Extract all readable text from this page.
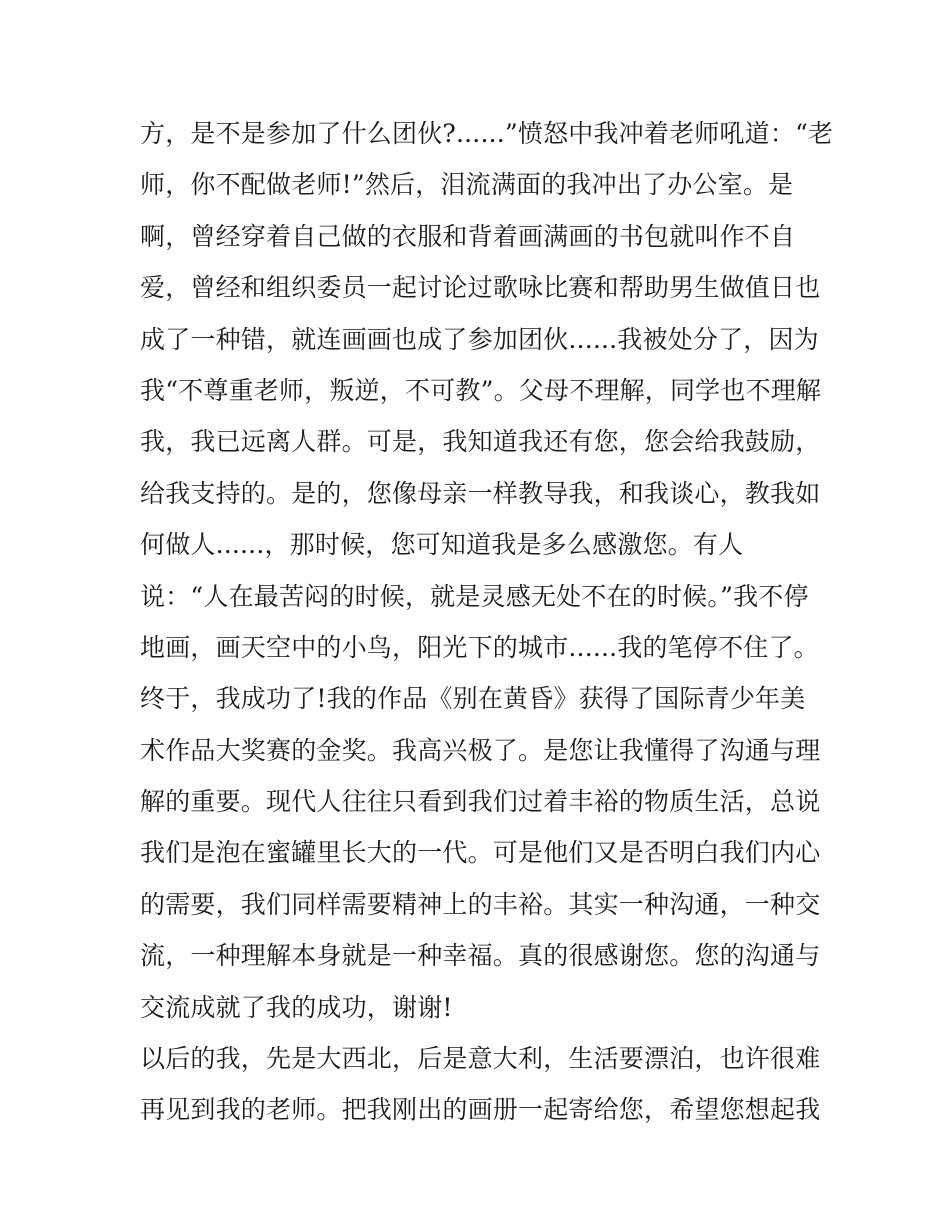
方，是不是参加了什么团伙?......”愤怒中我冲着老师吼道：“老
师，你不配做老师!”然后，泪流满面的我冲出了办公室。是
啊，曾经穿着自己做的衣服和背着画满画的书包就叫作不自
爱，曾经和组织委员一起讨论过歌咏比赛和帮助男生做值日也
成了一种错，就连画画也成了参加团伙......我被处分了，因为
我“不尊重老师，叛逆，不可教”。父母不理解，同学也不理解
我，我已远离人群。可是，我知道我还有您，您会给我鼓励，
给我支持的。是的，您像母亲一样教导我，和我谈心，教我如
何做人......，那时候，您可知道我是多么感激您。有人
说：“人在最苦闷的时候，就是灵感无处不在的时候。”我不停
地画，画天空中的小鸟，阳光下的城市......我的笔停不住了。
终于，我成功了!我的作品《别在黄昏》获得了国际青少年美
术作品大奖赛的金奖。我高兴极了。是您让我懂得了沟通与理
解的重要。现代人往往只看到我们过着丰裕的物质生活，总说
我们是泡在蜜罐里长大的一代。可是他们又是否明白我们内心
的需要，我们同样需要精神上的丰裕。其实一种沟通，一种交
流，一种理解本身就是一种幸福。真的很感谢您。您的沟通与
交流成就了我的成功，谢谢!
以后的我，先是大西北，后是意大利，生活要漂泊，也许很难
再见到我的老师。把我刚出的画册一起寄给您，希望您想起我
